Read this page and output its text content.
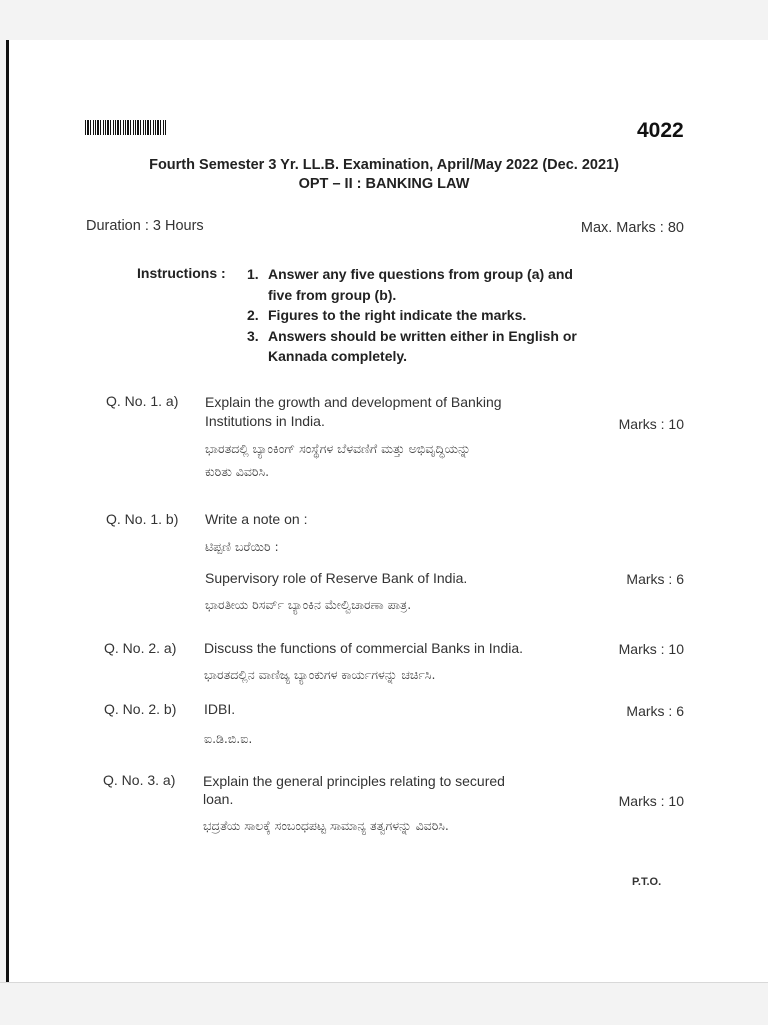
4022
Fourth Semester 3 Yr. LL.B. Examination, April/May 2022 (Dec. 2021)
OPT – II : BANKING LAW
Duration : 3 Hours	Max. Marks : 80
Instructions : 1. Answer any five questions from group (a) and
five from group (b).
2. Figures to the right indicate the marks.
3. Answers should be written either in English or
Kannada completely.
Q. No. 1. a) Explain the growth and development of Banking
Institutions in India.	Marks : 10
ಭಾರತದಲ್ಲಿ ಬ್ಯಾಂಕಿಂಗ್ ಸಂಸ್ಥೆಗಳ ಬೆಳವಣಿಗೆ ಮತ್ತು ಅಭಿವೃದ್ಧಿಯನ್ನು
ಕುರಿತು ವಿವರಿಸಿ.
Q. No. 1. b) Write a note on :
ಟಿಪ್ಪಣಿ ಬರೆಯಿರಿ :
Supervisory role of Reserve Bank of India.	Marks : 6
ಭಾರತೀಯ ರಿಸರ್ವ್ ಬ್ಯಾಂಕಿನ ಮೇಲ್ವಿಚಾರಣಾ ಪಾತ್ರ.
Q. No. 2. a) Discuss the functions of commercial Banks in India.	Marks : 10
ಭಾರತದಲ್ಲಿನ ವಾಣಿಜ್ಯ ಬ್ಯಾಂಕುಗಳ ಕಾರ್ಯಗಳನ್ನು ಚರ್ಚಿಸಿ.
Q. No. 2. b) IDBI.	Marks : 6
ಐ.ಡಿ.ಬಿ.ಐ.
Q. No. 3. a) Explain the general principles relating to secured
loan.	Marks : 10
ಭದ್ರತೆಯ ಸಾಲಕ್ಕೆ ಸಂಬಂಧಪಟ್ಟ ಸಾಮಾನ್ಯ ತತ್ವಗಳನ್ನು ವಿವರಿಸಿ.
P.T.O.
